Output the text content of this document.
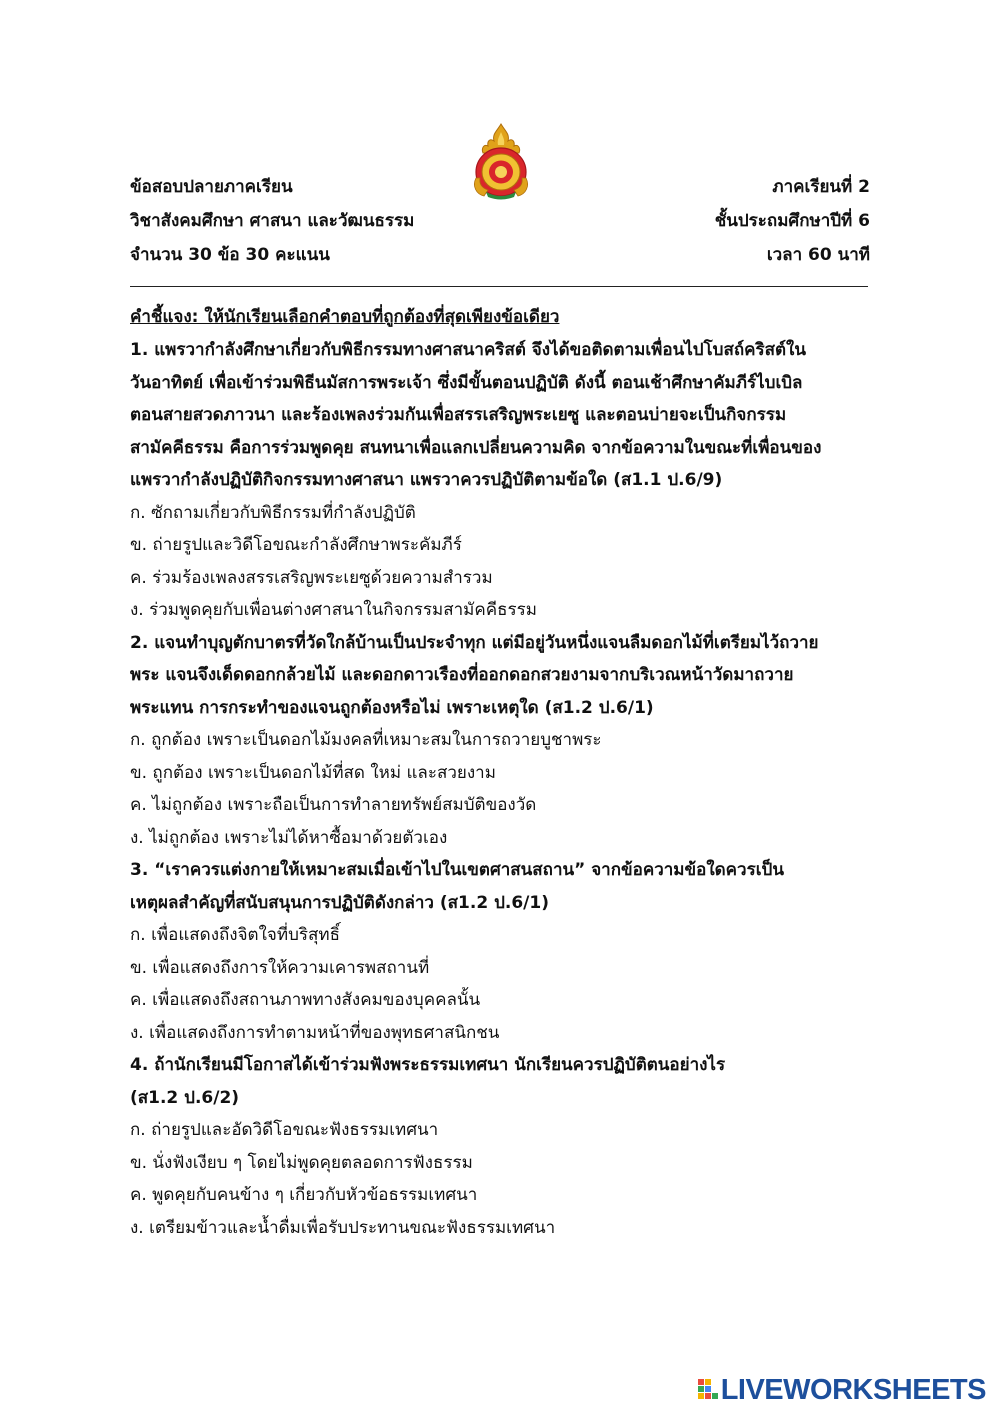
ข้อสอบปลายภาคเรียน
วิชาสังคมศึกษา ศาสนา และวัฒนธรรม
จำนวน 30 ข้อ 30 คะแนน
ภาคเรียนที่ 2
ชั้นประถมศึกษาปีที่ 6
เวลา 60 นาที
คำชี้แจง: ให้นักเรียนเลือกคำตอบที่ถูกต้องที่สุดเพียงข้อเดียว
1. แพรวากำลังศึกษาเกี่ยวกับพิธีกรรมทางศาสนาคริสต์ จึงได้ขอติดตามเพื่อนไปโบสถ์คริสต์ใน
วันอาทิตย์ เพื่อเข้าร่วมพิธีนมัสการพระเจ้า ซึ่งมีขั้นตอนปฏิบัติ ดังนี้ ตอนเช้าศึกษาคัมภีร์ไบเบิล
ตอนสายสวดภาวนา และร้องเพลงร่วมกันเพื่อสรรเสริญพระเยซู และตอนบ่ายจะเป็นกิจกรรม
สามัคคีธรรม คือการร่วมพูดคุย สนทนาเพื่อแลกเปลี่ยนความคิด จากข้อความในขณะที่เพื่อนของ
แพรวากำลังปฏิบัติกิจกรรมทางศาสนา แพรวาควรปฏิบัติตามข้อใด (ส1.1 ป.6/9)
ก. ซักถามเกี่ยวกับพิธีกรรมที่กำลังปฏิบัติ
ข. ถ่ายรูปและวิดีโอขณะกำลังศึกษาพระคัมภีร์
ค. ร่วมร้องเพลงสรรเสริญพระเยซูด้วยความสำรวม
ง. ร่วมพูดคุยกับเพื่อนต่างศาสนาในกิจกรรมสามัคคีธรรม
2. แจนทำบุญตักบาตรที่วัดใกล้บ้านเป็นประจำทุก แต่มีอยู่วันหนึ่งแจนลืมดอกไม้ที่เตรียมไว้ถวาย
พระ แจนจึงเด็ดดอกกล้วยไม้ และดอกดาวเรืองที่ออกดอกสวยงามจากบริเวณหน้าวัดมาถวาย
พระแทน การกระทำของแจนถูกต้องหรือไม่ เพราะเหตุใด (ส1.2 ป.6/1)
ก. ถูกต้อง เพราะเป็นดอกไม้มงคลที่เหมาะสมในการถวายบูชาพระ
ข. ถูกต้อง เพราะเป็นดอกไม้ที่สด ใหม่ และสวยงาม
ค. ไม่ถูกต้อง เพราะถือเป็นการทำลายทรัพย์สมบัติของวัด
ง. ไม่ถูกต้อง เพราะไม่ได้หาซื้อมาด้วยตัวเอง
3. “เราควรแต่งกายให้เหมาะสมเมื่อเข้าไปในเขตศาสนสถาน” จากข้อความข้อใดควรเป็น
เหตุผลสำคัญที่สนับสนุนการปฏิบัติดังกล่าว (ส1.2 ป.6/1)
ก. เพื่อแสดงถึงจิตใจที่บริสุทธิ์
ข. เพื่อแสดงถึงการให้ความเคารพสถานที่
ค. เพื่อแสดงถึงสถานภาพทางสังคมของบุคคลนั้น
ง. เพื่อแสดงถึงการทำตามหน้าที่ของพุทธศาสนิกชน
4. ถ้านักเรียนมีโอกาสได้เข้าร่วมฟังพระธรรมเทศนา นักเรียนควรปฏิบัติตนอย่างไร
(ส1.2 ป.6/2)
ก. ถ่ายรูปและอัดวิดีโอขณะฟังธรรมเทศนา
ข. นั่งฟังเงียบ ๆ โดยไม่พูดคุยตลอดการฟังธรรม
ค. พูดคุยกับคนข้าง ๆ เกี่ยวกับหัวข้อธรรมเทศนา
ง. เตรียมข้าวและน้ำดื่มเพื่อรับประทานขณะฟังธรรมเทศนา
LIVEWORKSHEETS
